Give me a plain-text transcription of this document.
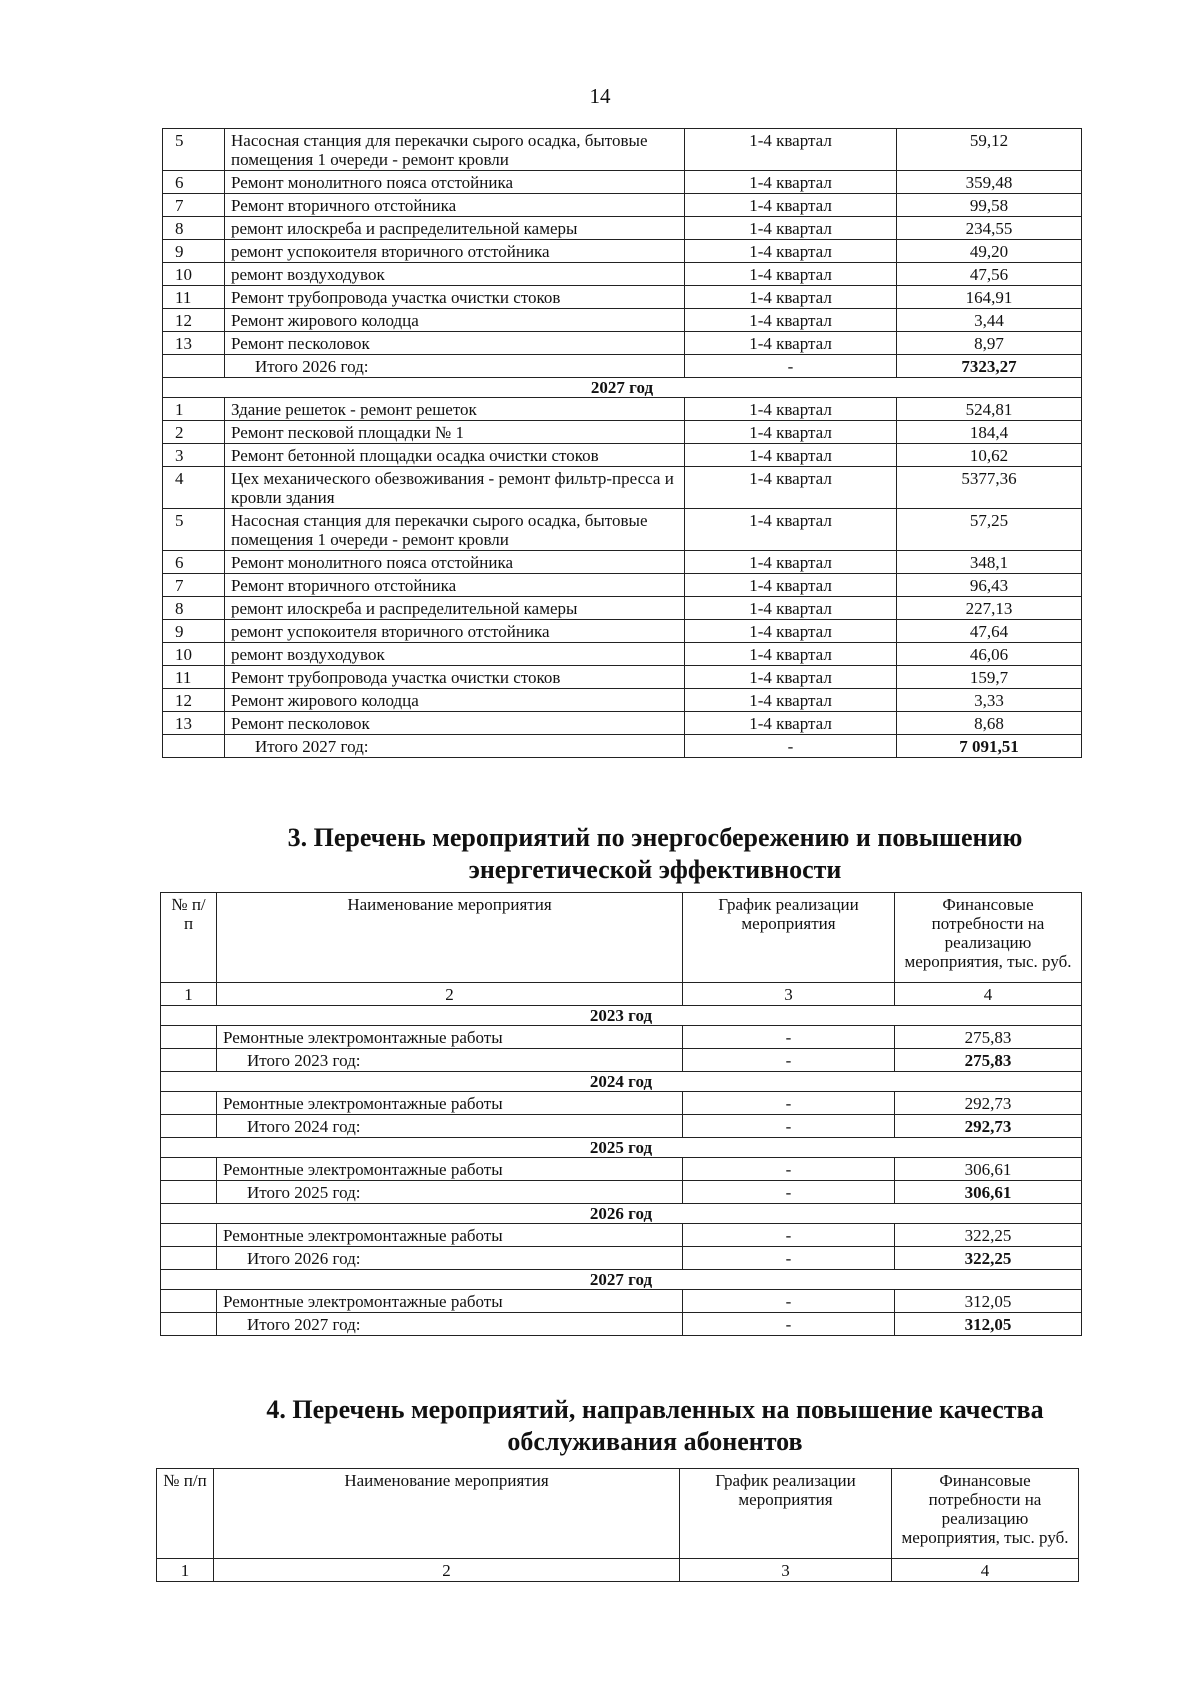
14
5	Насосная станция для перекачки сырого осадка, бытовые помещения 1 очереди - ремонт кровли	1-4 квартал	59,12
6	Ремонт монолитного пояса отстойника	1-4 квартал	359,48
7	Ремонт вторичного отстойника	1-4 квартал	99,58
8	ремонт илоскреба и распределительной камеры	1-4 квартал	234,55
9	ремонт успокоителя вторичного отстойника	1-4 квартал	49,20
10	ремонт воздуходувок	1-4 квартал	47,56
11	Ремонт трубопровода участка очистки стоков	1-4 квартал	164,91
12	Ремонт жирового колодца	1-4 квартал	3,44
13	Ремонт песколовок	1-4 квартал	8,97
	Итого 2026 год:	-	7323,27
2027 год			
1	Здание решеток - ремонт решеток	1-4 квартал	524,81
2	Ремонт песковой площадки № 1	1-4 квартал	184,4
3	Ремонт бетонной площадки осадка очистки стоков	1-4 квартал	10,62
4	Цех механического обезвоживания - ремонт фильтр-пресса и кровли здания	1-4 квартал	5377,36
5	Насосная станция для перекачки сырого осадка, бытовые помещения 1 очереди - ремонт кровли	1-4 квартал	57,25
6	Ремонт монолитного пояса отстойника	1-4 квартал	348,1
7	Ремонт вторичного отстойника	1-4 квартал	96,43
8	ремонт илоскреба и распределительной камеры	1-4 квартал	227,13
9	ремонт успокоителя вторичного отстойника	1-4 квартал	47,64
10	ремонт воздуходувок	1-4 квартал	46,06
11	Ремонт трубопровода участка очистки стоков	1-4 квартал	159,7
12	Ремонт жирового колодца	1-4 квартал	3,33
13	Ремонт песколовок	1-4 квартал	8,68
	Итого 2027 год:	-	7 091,51
3. Перечень мероприятий по энергосбережению и повышению
энергетической эффективности
№ п/п	Наименование мероприятия	График реализации мероприятия	Финансовые потребности на реализацию мероприятия, тыс. руб.
1	2	3	4
2023 год			
	Ремонтные электромонтажные работы	-	275,83
	Итого 2023 год:	-	275,83
2024 год			
	Ремонтные электромонтажные работы	-	292,73
	Итого 2024 год:	-	292,73
2025 год			
	Ремонтные электромонтажные работы	-	306,61
	Итого 2025 год:	-	306,61
2026 год			
	Ремонтные электромонтажные работы	-	322,25
	Итого 2026 год:	-	322,25
2027 год			
	Ремонтные электромонтажные работы	-	312,05
	Итого 2027 год:	-	312,05
4. Перечень мероприятий, направленных на повышение качества
обслуживания абонентов
№ п/п	Наименование мероприятия	График реализации мероприятия	Финансовые потребности на реализацию мероприятия, тыс. руб.
1	2	3	4
